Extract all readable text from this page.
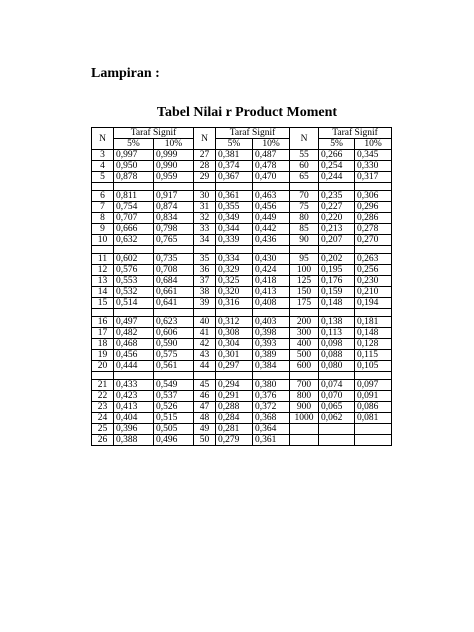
Lampiran :

Tabel Nilai r Product Moment

N	Taraf Signif		N	Taraf Signif		N	Taraf Signif	
	5%	10%		5%	10%		5%	10%
3	0,997	0,999	27	0,381	0,487	55	0,266	0,345
4	0,950	0,990	28	0,374	0,478	60	0,254	0,330
5	0,878	0,959	29	0,367	0,470	65	0,244	0,317

6	0,811	0,917	30	0,361	0,463	70	0,235	0,306
7	0,754	0,874	31	0,355	0,456	75	0,227	0,296
8	0,707	0,834	32	0,349	0,449	80	0,220	0,286
9	0,666	0,798	33	0,344	0,442	85	0,213	0,278
10	0,632	0,765	34	0,339	0,436	90	0,207	0,270

11	0,602	0,735	35	0,334	0,430	95	0,202	0,263
12	0,576	0,708	36	0,329	0,424	100	0,195	0,256
13	0,553	0,684	37	0,325	0,418	125	0,176	0,230
14	0,532	0,661	38	0,320	0,413	150	0,159	0,210
15	0,514	0,641	39	0,316	0,408	175	0,148	0,194

16	0,497	0,623	40	0,312	0,403	200	0,138	0,181
17	0,482	0,606	41	0,308	0,398	300	0,113	0,148
18	0,468	0,590	42	0,304	0,393	400	0,098	0,128
19	0,456	0,575	43	0,301	0,389	500	0,088	0,115
20	0,444	0,561	44	0,297	0,384	600	0,080	0,105

21	0,433	0,549	45	0,294	0,380	700	0,074	0,097
22	0,423	0,537	46	0,291	0,376	800	0,070	0,091
23	0,413	0,526	47	0,288	0,372	900	0,065	0,086
24	0,404	0,515	48	0,284	0,368	1000	0,062	0,081
25	0,396	0,505	49	0,281	0,364			
26	0,388	0,496	50	0,279	0,361			
